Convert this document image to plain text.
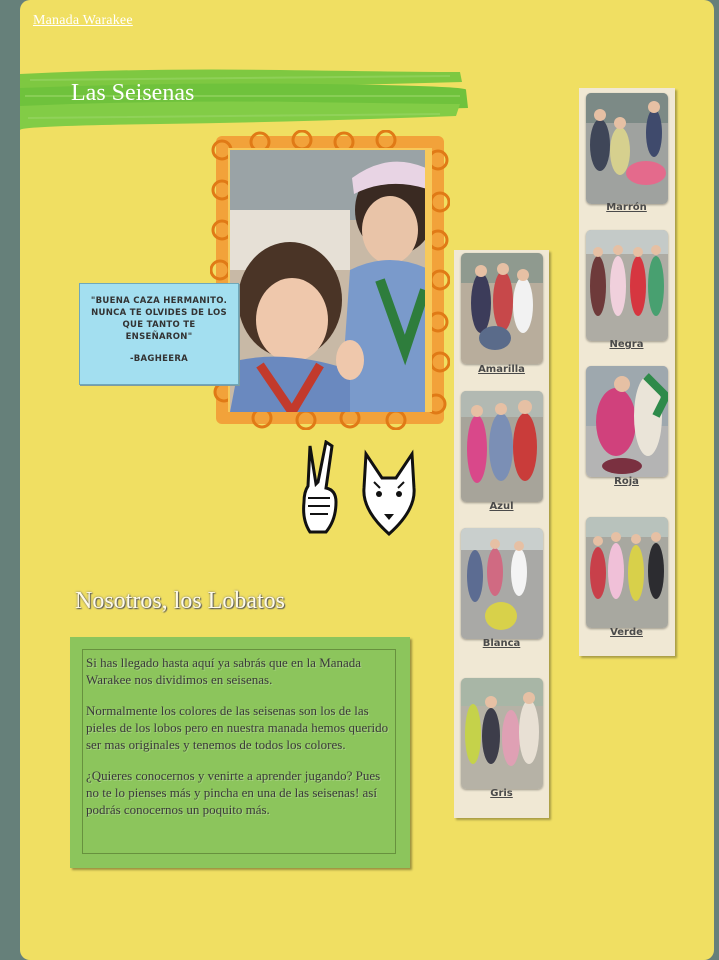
Manada Warakee
Las Seisenas
"BUENA CAZA HERMANITO. NUNCA TE OLVIDES DE LOS QUE TANTO TE ENSEÑARON"
-BAGHEERA
Nosotros, los Lobatos

Si has llegado hasta aquí ya sabrás que en la Manada Warakee nos dividimos en seisenas.

Normalmente los colores de las seisenas son los de las pieles de los lobos pero en nuestra manada hemos querido ser mas originales y tenemos de todos los colores.

¿Quieres conocernos y venirte a aprender jugando? Pues no te lo pienses más y pincha en una de las seisenas! así podrás conocernos un poquito más.

Amarilla
Azul
Blanca
Gris
Marrón
Negra
Roja
Verde
